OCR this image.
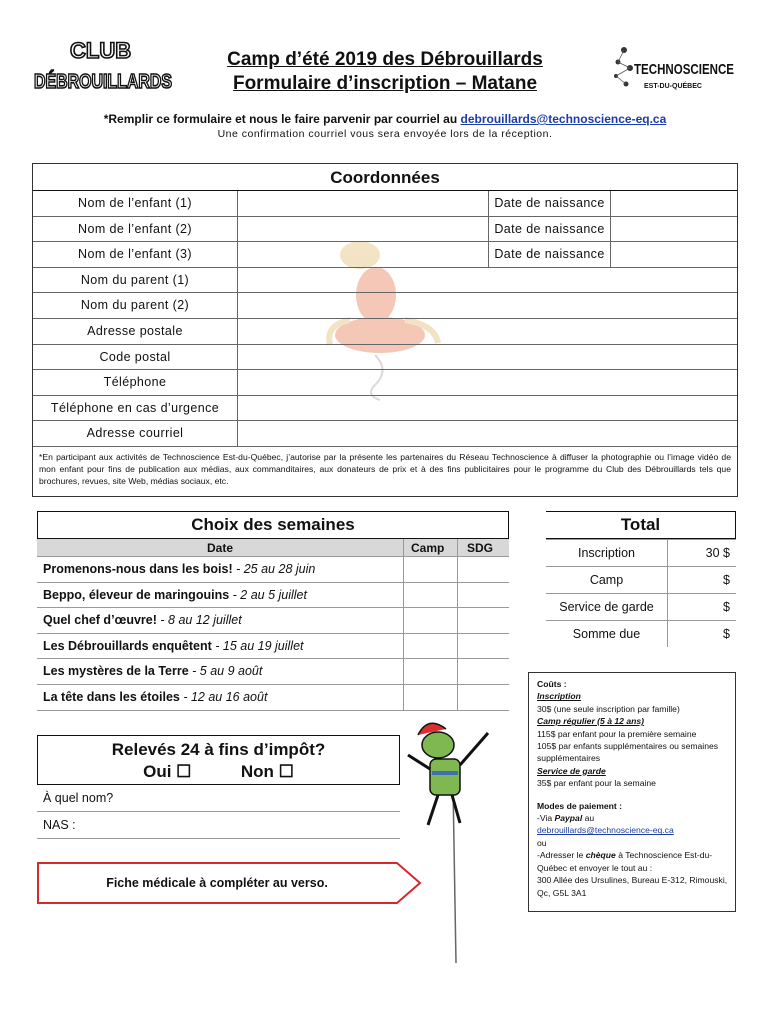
CLUB
DÉBROUILLARDS
TECHNOSCIENCE
EST-DU-QUÉBEC
Camp d’été 2019 des Débrouillards
Formulaire d’inscription – Matane
*Remplir ce formulaire et nous le faire parvenir par courriel au debrouillards@technoscience-eq.ca
Une confirmation courriel vous sera envoyée lors de la réception.
Coordonnées
Nom de l’enfant (1)	Date de naissance
Nom de l’enfant (2)	Date de naissance
Nom de l’enfant (3)	Date de naissance
Nom du parent (1)
Nom du parent (2)
Adresse postale
Code postal
Téléphone
Téléphone en cas d’urgence
Adresse courriel
*En participant aux activités de Technoscience Est-du-Québec, j’autorise par la présente les partenaires du Réseau Technoscience à diffuser la photographie ou l’image vidéo de mon enfant pour fins de publication aux médias, aux commanditaires, aux donateurs de prix et à des fins publicitaires pour le programme du Club des Débrouillards tels que brochures, revues, site Web, médias sociaux, etc.
Choix des semaines
Date	Camp SDG
Promenons-nous dans les bois! - 25 au 28 juin
Beppo, éleveur de maringouins - 2 au 5 juillet
Quel chef d’œuvre! - 8 au 12 juillet
Les Débrouillards enquêtent - 15 au 19 juillet
Les mystères de la Terre - 5 au 9 août
La tête dans les étoiles - 12 au 16 août
Total
Inscription	30 $
Camp	$
Service de garde	$
Somme due	$
Coûts :
Inscription
30$ (une seule inscription par famille)
Camp régulier (5 à 12 ans)
115$ par enfant pour la première semaine
105$ par enfants supplémentaires ou semaines supplémentaires
Service de garde
35$ par enfant pour la semaine
Modes de paiement :
-Via Paypal au
debrouillards@technoscience-eq.ca
ou
-Adresser le chèque à Technoscience Est-du-Québec et envoyer le tout au :
300 Allée des Ursulines, Bureau E-312, Rimouski, Qc, G5L 3A1
Relevés 24 à fins d’impôt?
Oui ☐	Non ☐
À quel nom?
NAS :
Fiche médicale à compléter au verso.
